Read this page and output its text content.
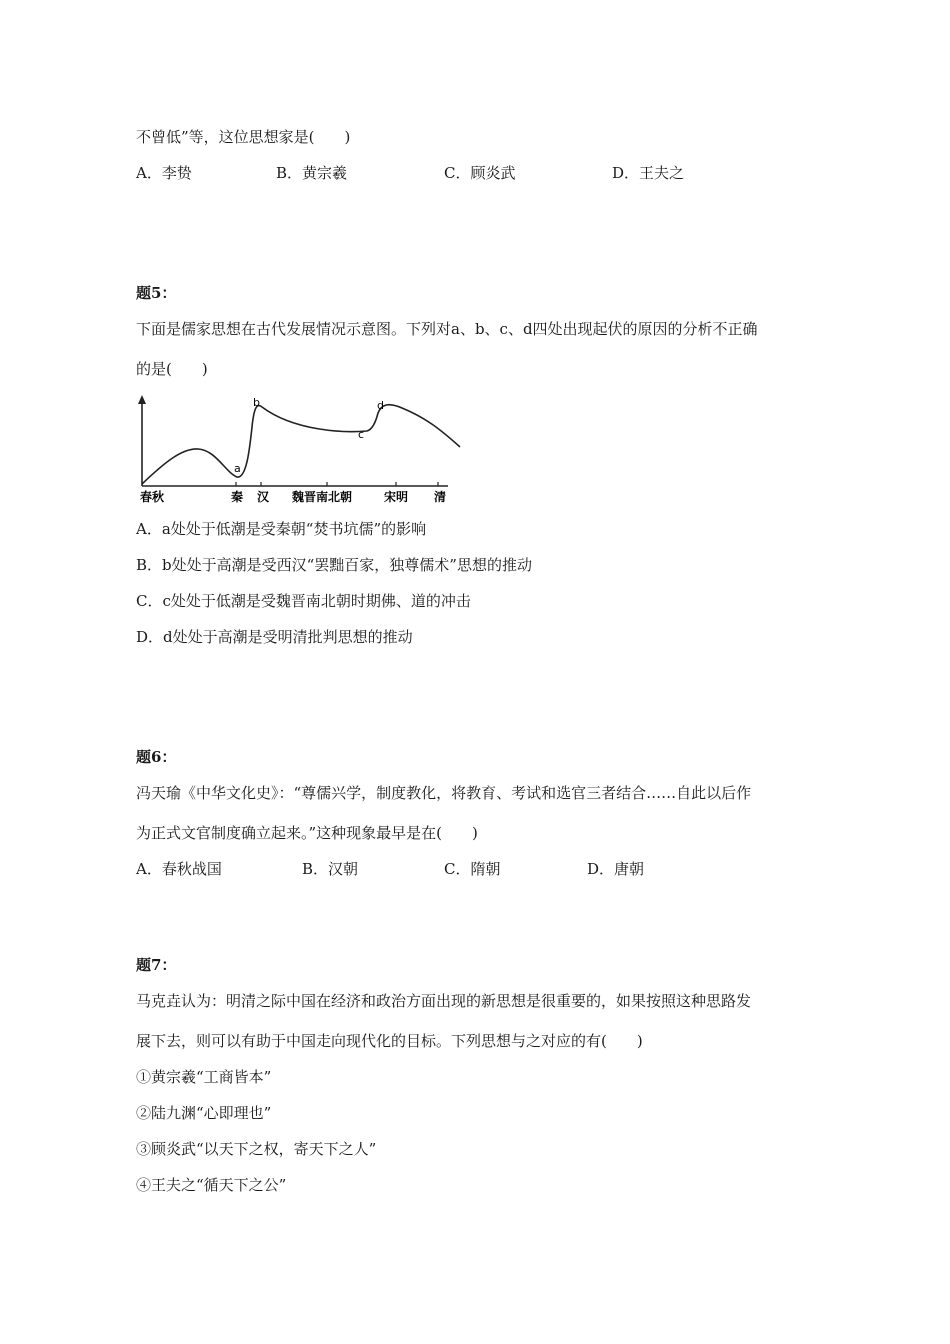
不曾低”等，这位思想家是(　　)
A．李贽	B．黄宗羲	C．顾炎武	D．王夫之
题5：
下面是儒家思想在古代发展情况示意图。下列对a、b、c、d四处出现起伏的原因的分析不正确
的是(　　)
a
b
c
d
春秋	秦 汉 魏晋南北朝	宋明 清
A．a处处于低潮是受秦朝“焚书坑儒”的影响
B．b处处于高潮是受西汉“罢黜百家，独尊儒术”思想的推动
C．c处处于低潮是受魏晋南北朝时期佛、道的冲击
D．d处处于高潮是受明清批判思想的推动
题6：
冯天瑜《中华文化史》：“尊儒兴学，制度教化，将教育、考试和选官三者结合……自此以后作
为正式文官制度确立起来。”这种现象最早是在(　　)
A．春秋战国	B．汉朝	C．隋朝	D．唐朝
题7：
马克垚认为：明清之际中国在经济和政治方面出现的新思想是很重要的，如果按照这种思路发
展下去，则可以有助于中国走向现代化的目标。下列思想与之对应的有(　　)
①黄宗羲“工商皆本”
②陆九渊“心即理也”
③顾炎武“以天下之权，寄天下之人”
④王夫之“循天下之公”
